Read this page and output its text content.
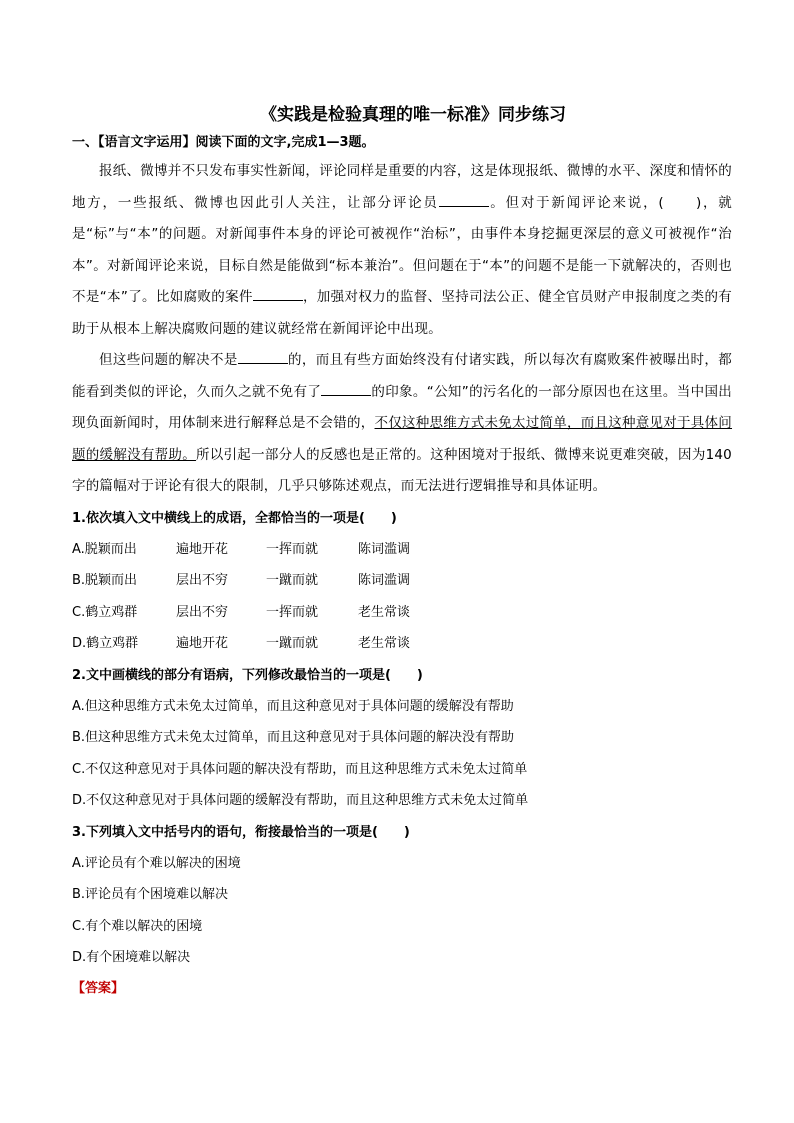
《实践是检验真理的唯一标准》同步练习

一、【语言文字运用】阅读下面的文字,完成1—3题。

报纸、微博并不只发布事实性新闻，评论同样是重要的内容，这是体现报纸、微博的水平、深度和情怀的地方，一些报纸、微博也因此引人关注，让部分评论员	。但对于新闻评论来说，(　　)，就是“标”与“本”的问题。对新闻事件本身的评论可被视作“治标”，由事件本身挖掘更深层的意义可被视作“治本”。对新闻评论来说，目标自然是能做到“标本兼治”。但问题在于“本”的问题不是能一下就解决的，否则也不是“本”了。比如腐败的案件	，加强对权力的监督、坚持司法公正、健全官员财产申报制度之类的有助于从根本上解决腐败问题的建议就经常在新闻评论中出现。

但这些问题的解决不是	的，而且有些方面始终没有付诸实践，所以每次有腐败案件被曝出时，都能看到类似的评论，久而久之就不免有了	的印象。“公知”的污名化的一部分原因也在这里。当中国出现负面新闻时，用体制来进行解释总是不会错的，不仅这种思维方式未免太过简单，而且这种意见对于具体问题的缓解没有帮助。所以引起一部分人的反感也是正常的。这种困境对于报纸、微博来说更难突破，因为140字的篇幅对于评论有很大的限制，几乎只够陈述观点，而无法进行逻辑推导和具体证明。

1.依次填入文中横线上的成语，全都恰当的一项是(　　)

A.脱颖而出	遍地开花	一挥而就	陈词滥调
B.脱颖而出	层出不穷	一蹴而就	陈词滥调
C.鹤立鸡群	层出不穷	一挥而就	老生常谈
D.鹤立鸡群	遍地开花	一蹴而就	老生常谈

2.文中画横线的部分有语病，下列修改最恰当的一项是(　　)

A.但这种思维方式未免太过简单，而且这种意见对于具体问题的缓解没有帮助

B.但这种思维方式未免太过简单，而且这种意见对于具体问题的解决没有帮助

C.不仅这种意见对于具体问题的解决没有帮助，而且这种思维方式未免太过简单

D.不仅这种意见对于具体问题的缓解没有帮助，而且这种思维方式未免太过简单

3.下列填入文中括号内的语句，衔接最恰当的一项是(　　)

A.评论员有个难以解决的困境

B.评论员有个困境难以解决

C.有个难以解决的困境

D.有个困境难以解决

【答案】
